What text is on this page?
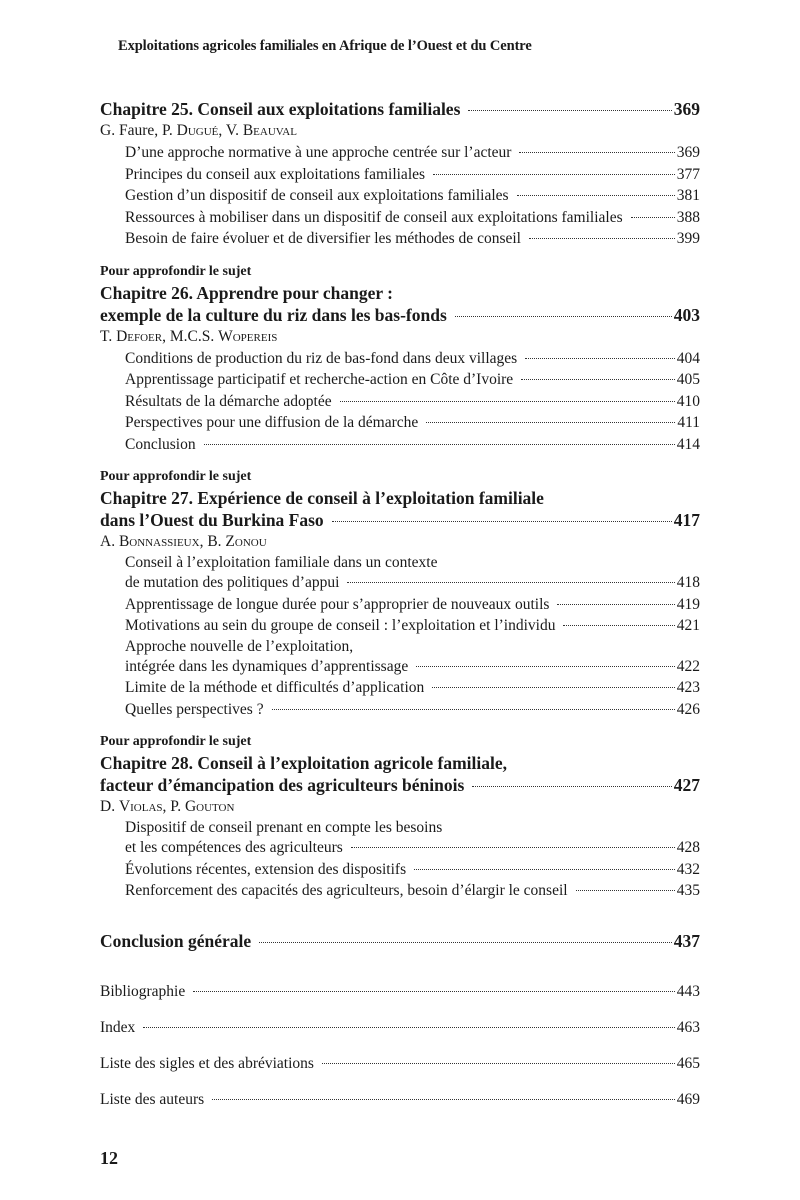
Exploitations agricoles familiales en Afrique de l’Ouest et du Centre
Chapitre 25. Conseil aux exploitations familiales	369
G. Faure, P. Dugué, V. Beauval
D’une approche normative à une approche centrée sur l’acteur	369
Principes du conseil aux exploitations familiales	377
Gestion d’un dispositif de conseil aux exploitations familiales	381
Ressources à mobiliser dans un dispositif de conseil aux exploitations familiales	388
Besoin de faire évoluer et de diversifier les méthodes de conseil	399
Pour approfondir le sujet
Chapitre 26. Apprendre pour changer :
exemple de la culture du riz dans les bas-fonds	403
T. Defoer, M.C.S. Wopereis
Conditions de production du riz de bas-fond dans deux villages	404
Apprentissage participatif et recherche-action en Côte d’Ivoire	405
Résultats de la démarche adoptée	410
Perspectives pour une diffusion de la démarche	411
Conclusion	414
Pour approfondir le sujet
Chapitre 27. Expérience de conseil à l’exploitation familiale
dans l’Ouest du Burkina Faso	417
A. Bonnassieux, B. Zonou
Conseil à l’exploitation familiale dans un contexte
de mutation des politiques d’appui	418
Apprentissage de longue durée pour s’approprier de nouveaux outils	419
Motivations au sein du groupe de conseil : l’exploitation et l’individu	421
Approche nouvelle de l’exploitation,
intégrée dans les dynamiques d’apprentissage	422
Limite de la méthode et difficultés d’application	423
Quelles perspectives ?	426
Pour approfondir le sujet
Chapitre 28. Conseil à l’exploitation agricole familiale,
facteur d’émancipation des agriculteurs béninois	427
D. Violas, P. Gouton
Dispositif de conseil prenant en compte les besoins
et les compétences des agriculteurs	428
Évolutions récentes, extension des dispositifs	432
Renforcement des capacités des agriculteurs, besoin d’élargir le conseil	435
Conclusion générale	437
Bibliographie	443
Index	463
Liste des sigles et des abréviations	465
Liste des auteurs	469
12
